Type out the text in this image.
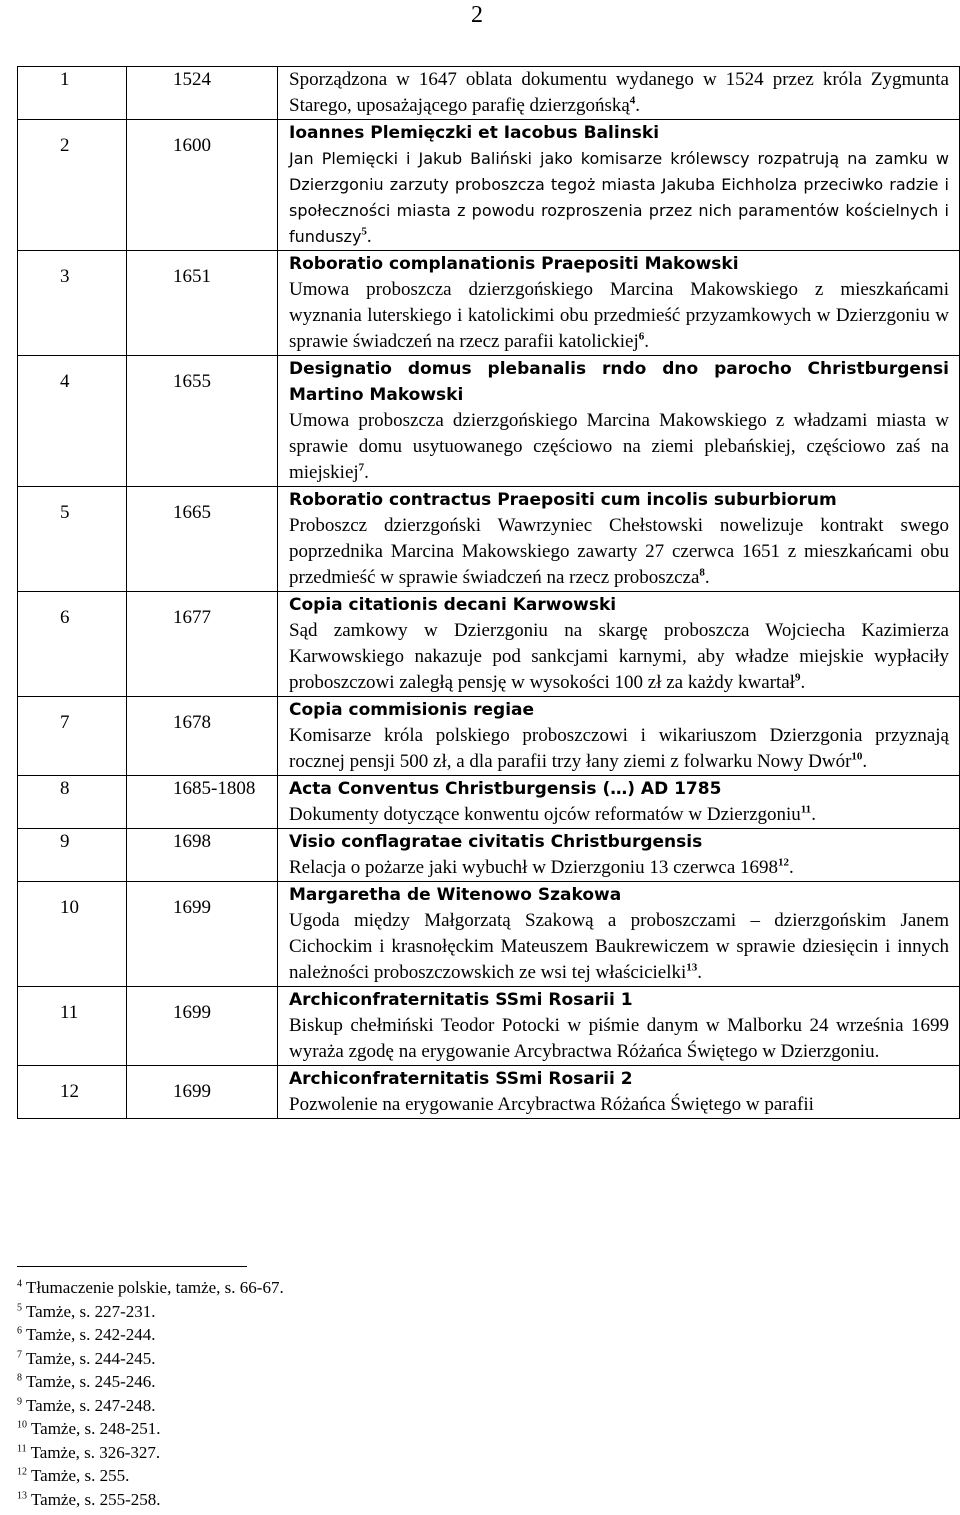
2
1	1524	Sporządzona w 1647 oblata dokumentu wydanego w 1524 przez króla Zygmunta Starego, uposażającego parafię dzierzgońską$^4$.
2	1600	Ioannes Plemięczki et Iacobus Balinski
Jan Plemięcki i Jakub Baliński jako komisarze królewscy rozpatrują na zamku w Dzierzgoniu zarzuty proboszcza tegoż miasta Jakuba Eichholza przeciwko radzie i społeczności miasta z powodu rozproszenia przez nich paramentów kościelnych i funduszy$^5$.
3	1651	Roboratio complanationis Praepositi Makowski
Umowa proboszcza dzierzgońskiego Marcina Makowskiego z mieszkańcami wyznania luterskiego i katolickimi obu przedmieść przyzamkowych w Dzierzgoniu w sprawie świadczeń na rzecz parafii katolickiej$^6$.
4	1655	Designatio domus plebanalis rndo dno parocho Christburgensi Martino Makowski
Umowa proboszcza dzierzgońskiego Marcina Makowskiego z władzami miasta w sprawie domu usytuowanego częściowo na ziemi plebańskiej, częściowo zaś na miejskiej$^7$.
5	1665	Roboratio contractus Praepositi cum incolis suburbiorum
Proboszcz dzierzgoński Wawrzyniec Chełstowski nowelizuje kontrakt swego poprzednika Marcina Makowskiego zawarty 27 czerwca 1651 z mieszkańcami obu przedmieść w sprawie świadczeń na rzecz proboszcza$^8$.
6	1677	Copia citationis decani Karwowski
Sąd zamkowy w Dzierzgoniu na skargę proboszcza Wojciecha Kazimierza Karwowskiego nakazuje pod sankcjami karnymi, aby władze miejskie wypłaciły proboszczowi zaległą pensję w wysokości 100 zł za każdy kwartał$^9$.
7	1678	Copia commisionis regiae
Komisarze króla polskiego proboszczowi i wikariuszom Dzierzgonia przyznają rocznej pensji 500 zł, a dla parafii trzy łany ziemi z folwarku Nowy Dwór$^{10}$.
8	1685-1808	Acta Conventus Christburgensis (…) AD 1785
Dokumenty dotyczące konwentu ojców reformatów w Dzierzgoniu$^{11}$.
9	1698	Visio conflagratae civitatis Christburgensis
Relacja o pożarze jaki wybuchł w Dzierzgoniu 13 czerwca 1698$^{12}$.
10	1699	Margaretha de Witenowo Szakowa
Ugoda między Małgorzatą Szakową a proboszczami – dzierzgońskim Janem Cichockim i krasnołęckim Mateuszem Baukrewiczem w sprawie dziesięcin i innych należności proboszczowskich ze wsi tej właścicielki$^{13}$.
11	1699	Archiconfraternitatis SSmi Rosarii 1
Biskup chełmiński Teodor Potocki w piśmie danym w Malborku 24 września 1699 wyraża zgodę na erygowanie Arcybractwa Różańca Świętego w Dzierzgoniu.
12	1699	Archiconfraternitatis SSmi Rosarii 2
Pozwolenie na erygowanie Arcybractwa Różańca Świętego w parafii
$^4$ Tłumaczenie polskie, tamże, s. 66-67.
$^5$ Tamże, s. 227-231.
$^6$ Tamże, s. 242-244.
$^7$ Tamże, s. 244-245.
$^8$ Tamże, s. 245-246.
$^9$ Tamże, s. 247-248.
$^{10}$ Tamże, s. 248-251.
$^{11}$ Tamże, s. 326-327.
$^{12}$ Tamże, s. 255.
$^{13}$ Tamże, s. 255-258.
